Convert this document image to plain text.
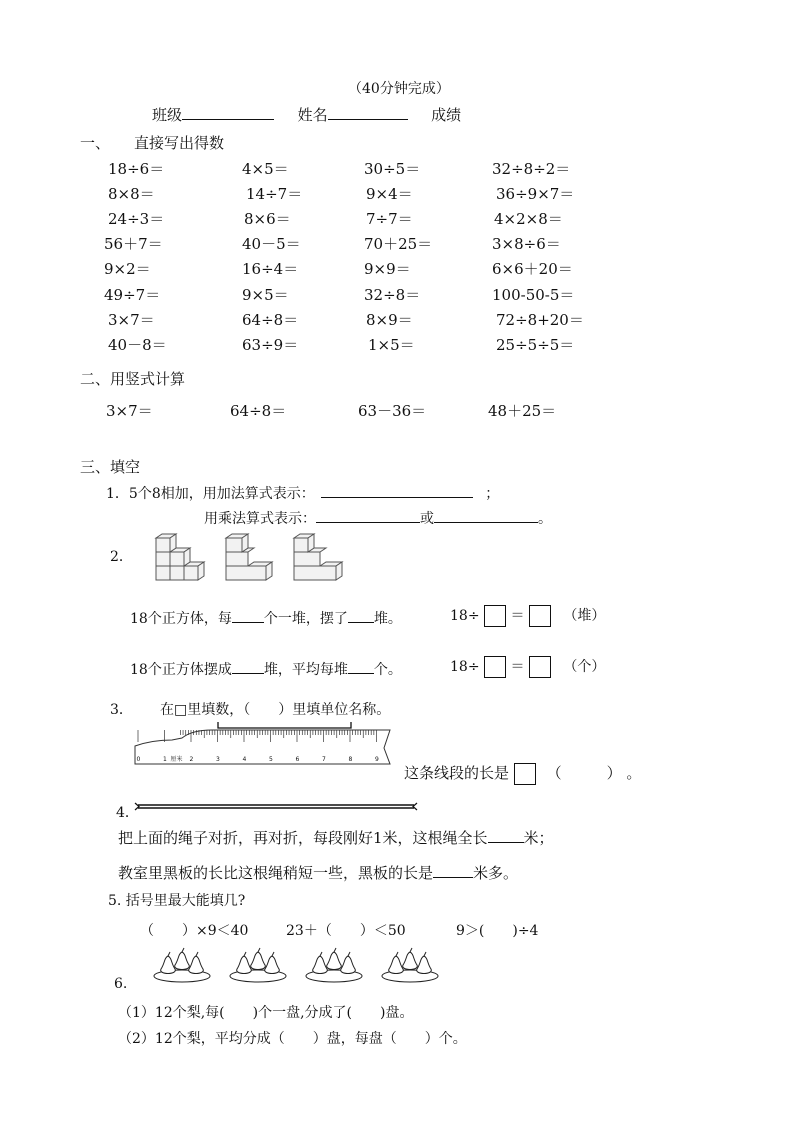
（40分钟完成）
班级	姓名	成绩
一、 直接写出得数
18÷6＝	4×5＝	30÷5＝	32÷8÷2＝
8×8＝	14÷7＝	9×4＝	36÷9×7＝
24÷3＝	8×6＝	7÷7＝	4×2×8＝
56＋7＝	40－5＝	70＋25＝	3×8÷6＝
9×2＝	16÷4＝	9×9＝	6×6＋20＝
49÷7＝	9×5＝	32÷8＝	100-50-5＝
3×7＝	64÷8＝	8×9＝	72÷8+20＝
40－8＝	63÷9＝	1×5＝	25÷5÷5＝
二、用竖式计算
3×7＝	64÷8＝	63－36＝	48＋25＝
三、填空
1．5个8相加，用加法算式表示：	；
用乘法算式表示：	或	。
2．
18个正方体，每 个一堆，摆了 堆。	18÷ ＝	（堆）
18个正方体摆成 堆，平均每堆 个。	18÷ ＝	（个）
3． 在□里填数，（　　）里填单位名称。
0	1	2	3	4	5	6	7	8	9
厘米
这条线段的长是	（　　　） 。
4．
把上面的绳子对折，再对折，每段刚好1米，这根绳全长 米；
教室里黑板的长比这根绳稍短一些，黑板的长是	米多。
5. 括号里最大能填几?
（　　）×9＜40	23＋（　　）＜50	9＞(　　)÷4
6.
（1）12个梨,每(　　)个一盘,分成了(　　)盘。
（2）12个梨，平均分成（　　）盘，每盘（　　）个。
